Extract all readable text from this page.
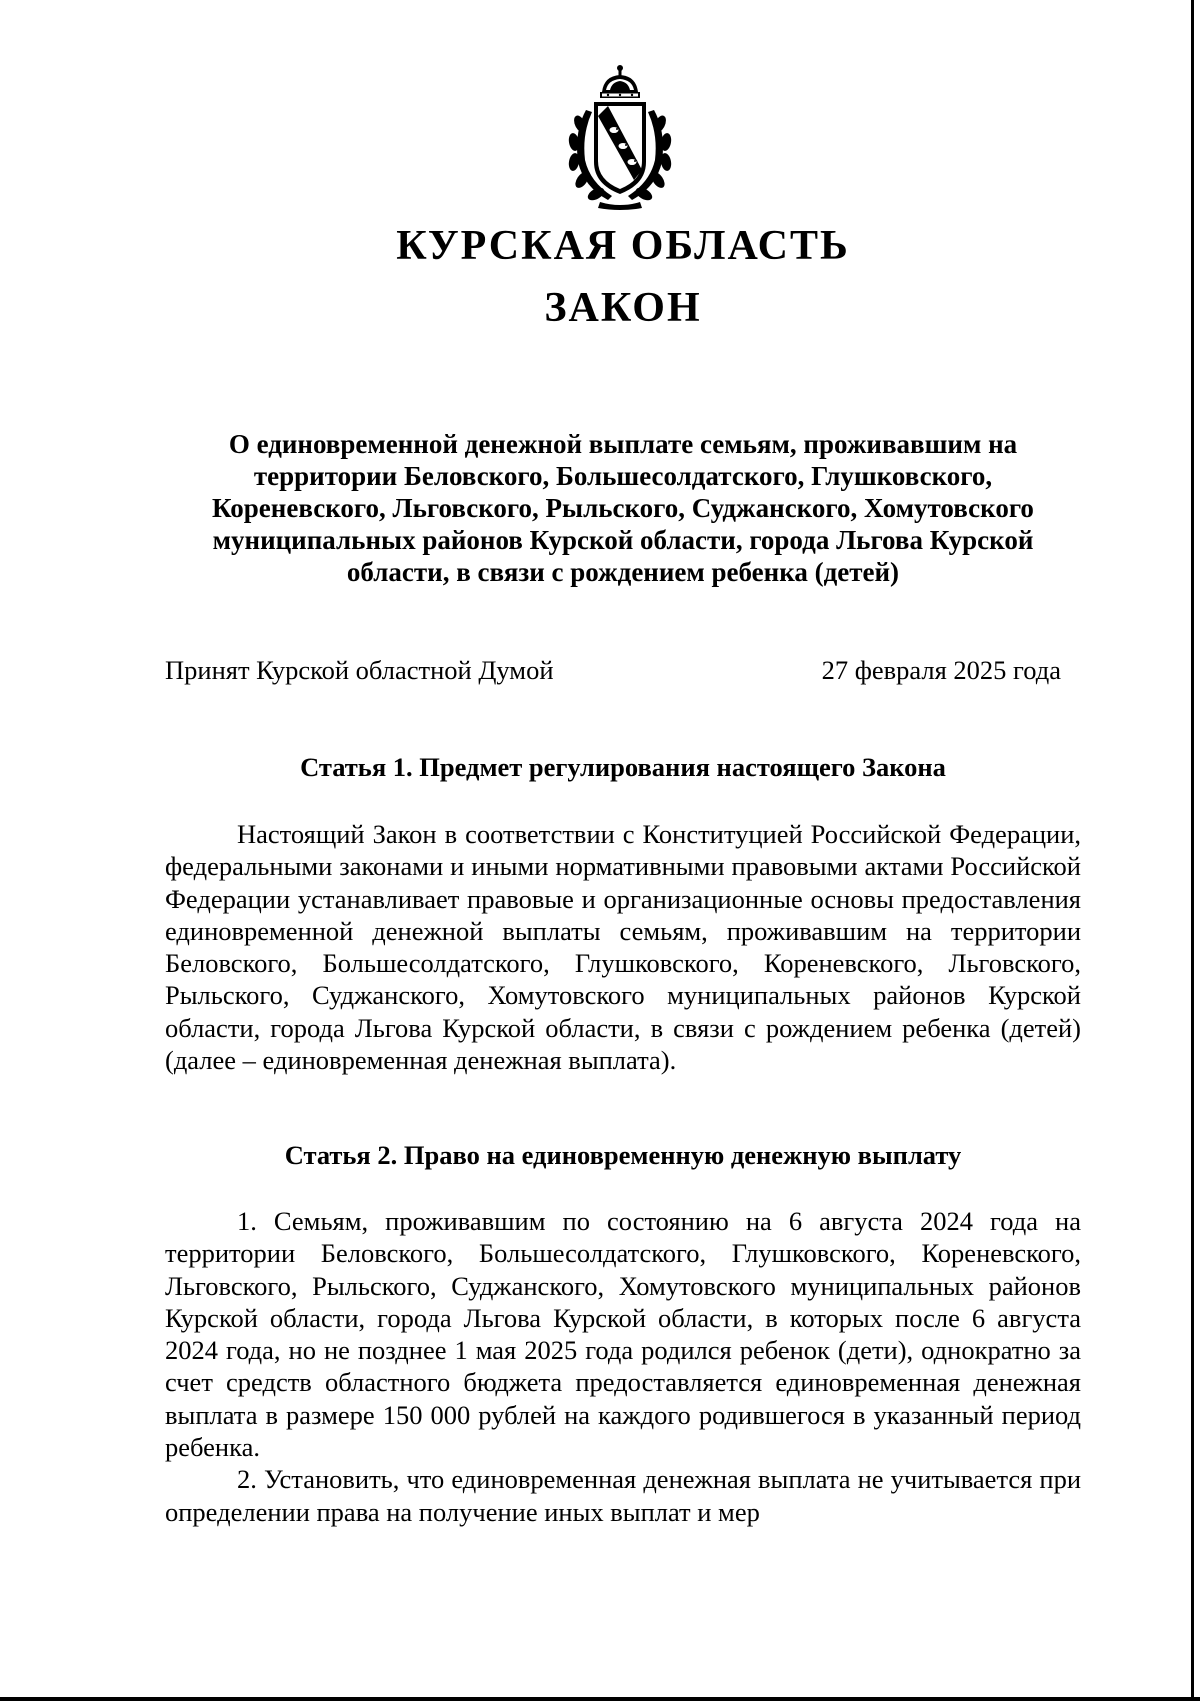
КУРСКАЯ ОБЛАСТЬ
ЗАКОН
О единовременной денежной выплате семьям, проживавшим на территории Беловского, Большесолдатского, Глушковского, Кореневского, Льговского, Рыльского, Суджанского, Хомутовского муниципальных районов Курской области, города Льгова Курской области, в связи с рождением ребенка (детей)
Принят Курской областной Думой	27 февраля 2025 года
Статья 1. Предмет регулирования настоящего Закона

Настоящий Закон в соответствии с Конституцией Российской Федерации, федеральными законами и иными нормативными правовыми актами Российской Федерации устанавливает правовые и организационные основы предоставления единовременной денежной выплаты семьям, проживавшим на территории Беловского, Большесолдатского, Глушковского, Кореневского, Льговского, Рыльского, Суджанского, Хомутовского муниципальных районов Курской области, города Льгова Курской области, в связи с рождением ребенка (детей) (далее – единовременная денежная выплата).

Статья 2. Право на единовременную денежную выплату

1. Семьям, проживавшим по состоянию на 6 августа 2024 года на территории Беловского, Большесолдатского, Глушковского, Кореневского, Льговского, Рыльского, Суджанского, Хомутовского муниципальных районов Курской области, города Льгова Курской области, в которых после 6 августа 2024 года, но не позднее 1 мая 2025 года родился ребенок (дети), однократно за счет средств областного бюджета предоставляется единовременная денежная выплата в размере 150 000 рублей на каждого родившегося в указанный период ребенка.

2. Установить, что единовременная денежная выплата не учитывается при определении права на получение иных выплат и мер
